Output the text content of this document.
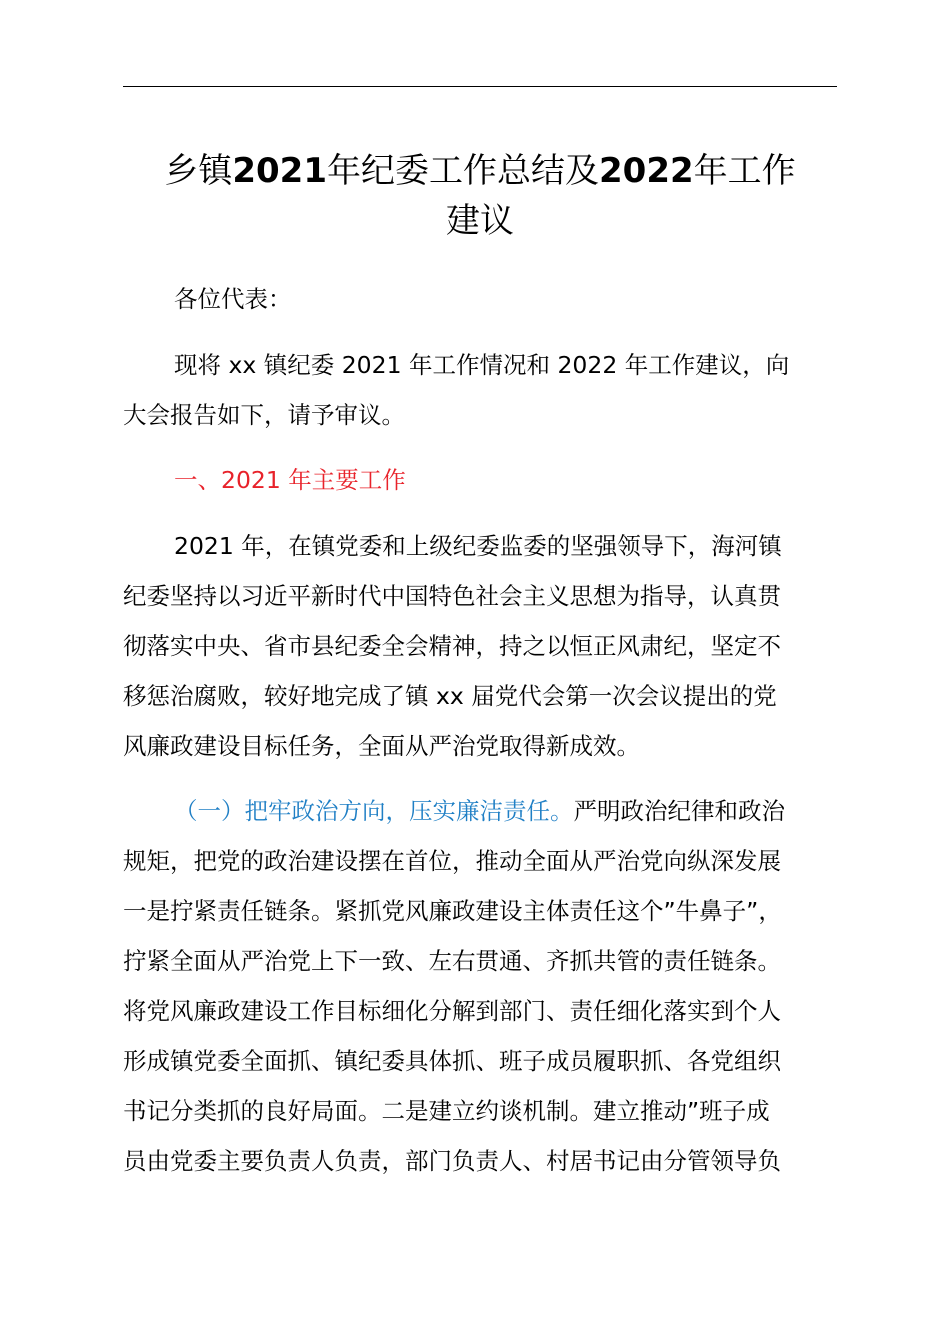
乡镇2021年纪委工作总结及2022年工作
建议

各位代表：

现将 xx 镇纪委 2021 年工作情况和 2022 年工作建议，向
大会报告如下，请予审议。

一、2021 年主要工作

2021 年，在镇党委和上级纪委监委的坚强领导下，海河镇
纪委坚持以习近平新时代中国特色社会主义思想为指导，认真贯
彻落实中央、省市县纪委全会精神，持之以恒正风肃纪，坚定不
移惩治腐败，较好地完成了镇 xx 届党代会第一次会议提出的党
风廉政建设目标任务，全面从严治党取得新成效。
（一）把牢政治方向，压实廉洁责任。严明政治纪律和政治
规矩，把党的政治建设摆在首位，推动全面从严治党向纵深发展
一是拧紧责任链条。紧抓党风廉政建设主体责任这个”牛鼻子”，
拧紧全面从严治党上下一致、左右贯通、齐抓共管的责任链条。
将党风廉政建设工作目标细化分解到部门、责任细化落实到个人
形成镇党委全面抓、镇纪委具体抓、班子成员履职抓、各党组织
书记分类抓的良好局面。二是建立约谈机制。建立推动”班子成
员由党委主要负责人负责，部门负责人、村居书记由分管领导负
